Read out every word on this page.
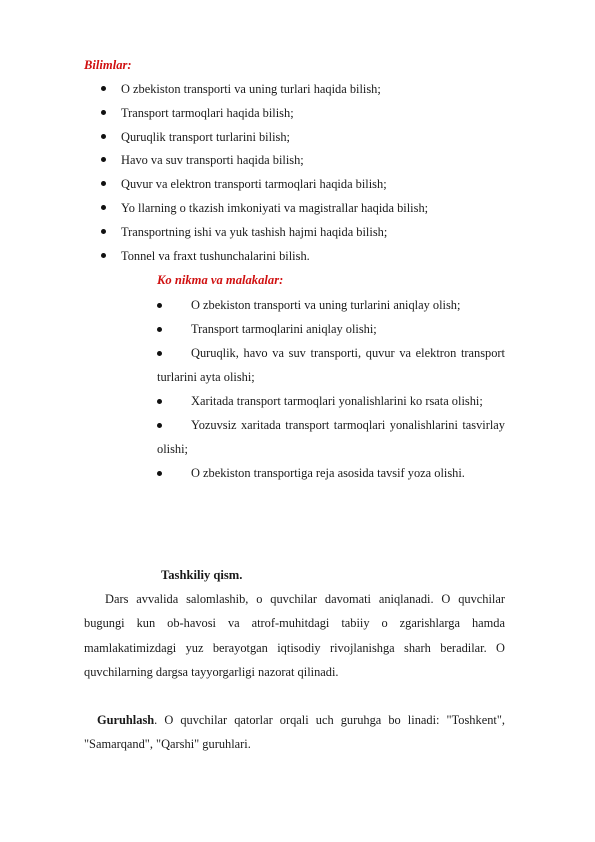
Bilimlar:
O zbekiston transporti va uning turlari haqida bilish;
Transport tarmoqlari haqida bilish;
Quruqlik transport turlarini bilish;
Havo va suv transporti haqida bilish;
Quvur va elektron transporti tarmoqlari haqida bilish;
Yo llarning o tkazish imkoniyati va magistrallar haqida bilish;
Transportning ishi va yuk tashish hajmi haqida bilish;
Tonnel va fraxt tushunchalarini bilish.
Ko nikma va malakalar:
O zbekiston transporti va uning turlarini aniqlay olish;
Transport tarmoqlarini aniqlay olishi;
Quruqlik, havo va suv transporti, quvur va elektron transport turlarini ayta olishi;
Xaritada transport tarmoqlari yonalishlarini ko rsata olishi;
Yozuvsiz xaritada transport tarmoqlari yonalishlarini tasvirlay olishi;
O zbekiston transportiga reja asosida tavsif yoza olishi.
Tashkiliy qism.

Dars avvalida salomlashib, o quvchilar davomati aniqlanadi. O quvchilar bugungi kun ob-havosi va atrof-muhitdagi tabiiy o zgarishlarga hamda mamlakatimizdagi yuz berayotgan iqtisodiy rivojlanishga sharh beradilar. O quvchilarning dargsa tayyorgarligi nazorat qilinadi.

Guruhlash. O quvchilar qatorlar orqali uch guruhga bo linadi: "Toshkent", "Samarqand", "Qarshi" guruhlari.
